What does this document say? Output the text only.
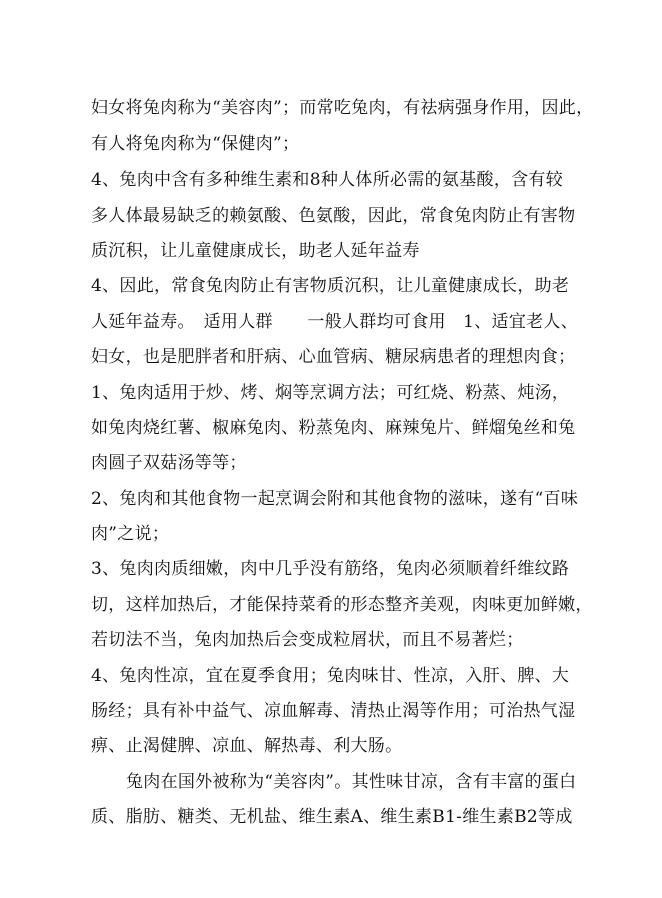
妇女将兔肉称为“美容肉”；而常吃兔肉，有祛病强身作用，因此，
有人将兔肉称为“保健肉”；
4、兔肉中含有多种维生素和8种人体所必需的氨基酸，含有较
多人体最易缺乏的赖氨酸、色氨酸，因此，常食兔肉防止有害物
质沉积，让儿童健康成长，助老人延年益寿
4、因此，常食兔肉防止有害物质沉积，让儿童健康成长，助老
人延年益寿。　适用人群　　一般人群均可食用　1、适宜老人、
妇女，也是肥胖者和肝病、心血管病、糖尿病患者的理想肉食；
1、兔肉适用于炒、烤、焖等烹调方法；可红烧、粉蒸、炖汤，
如兔肉烧红薯、椒麻兔肉、粉蒸兔肉、麻辣兔片、鲜熘兔丝和兔
肉圆子双菇汤等等；
2、兔肉和其他食物一起烹调会附和其他食物的滋味，遂有“百味
肉”之说；
3、兔肉肉质细嫩，肉中几乎没有筋络，兔肉必须顺着纤维纹路
切，这样加热后，才能保持菜肴的形态整齐美观，肉味更加鲜嫩，
若切法不当，兔肉加热后会变成粒屑状，而且不易著烂；
4、兔肉性凉，宜在夏季食用；兔肉味甘、性凉，入肝、脾、大
肠经；具有补中益气、凉血解毒、清热止渴等作用；可治热气湿
痹、止渴健脾、凉血、解热毒、利大肠。
兔肉在国外被称为“美容肉”。其性味甘凉，含有丰富的蛋白
质、脂肪、糖类、无机盐、维生素A、维生素B1-维生素B2等成
